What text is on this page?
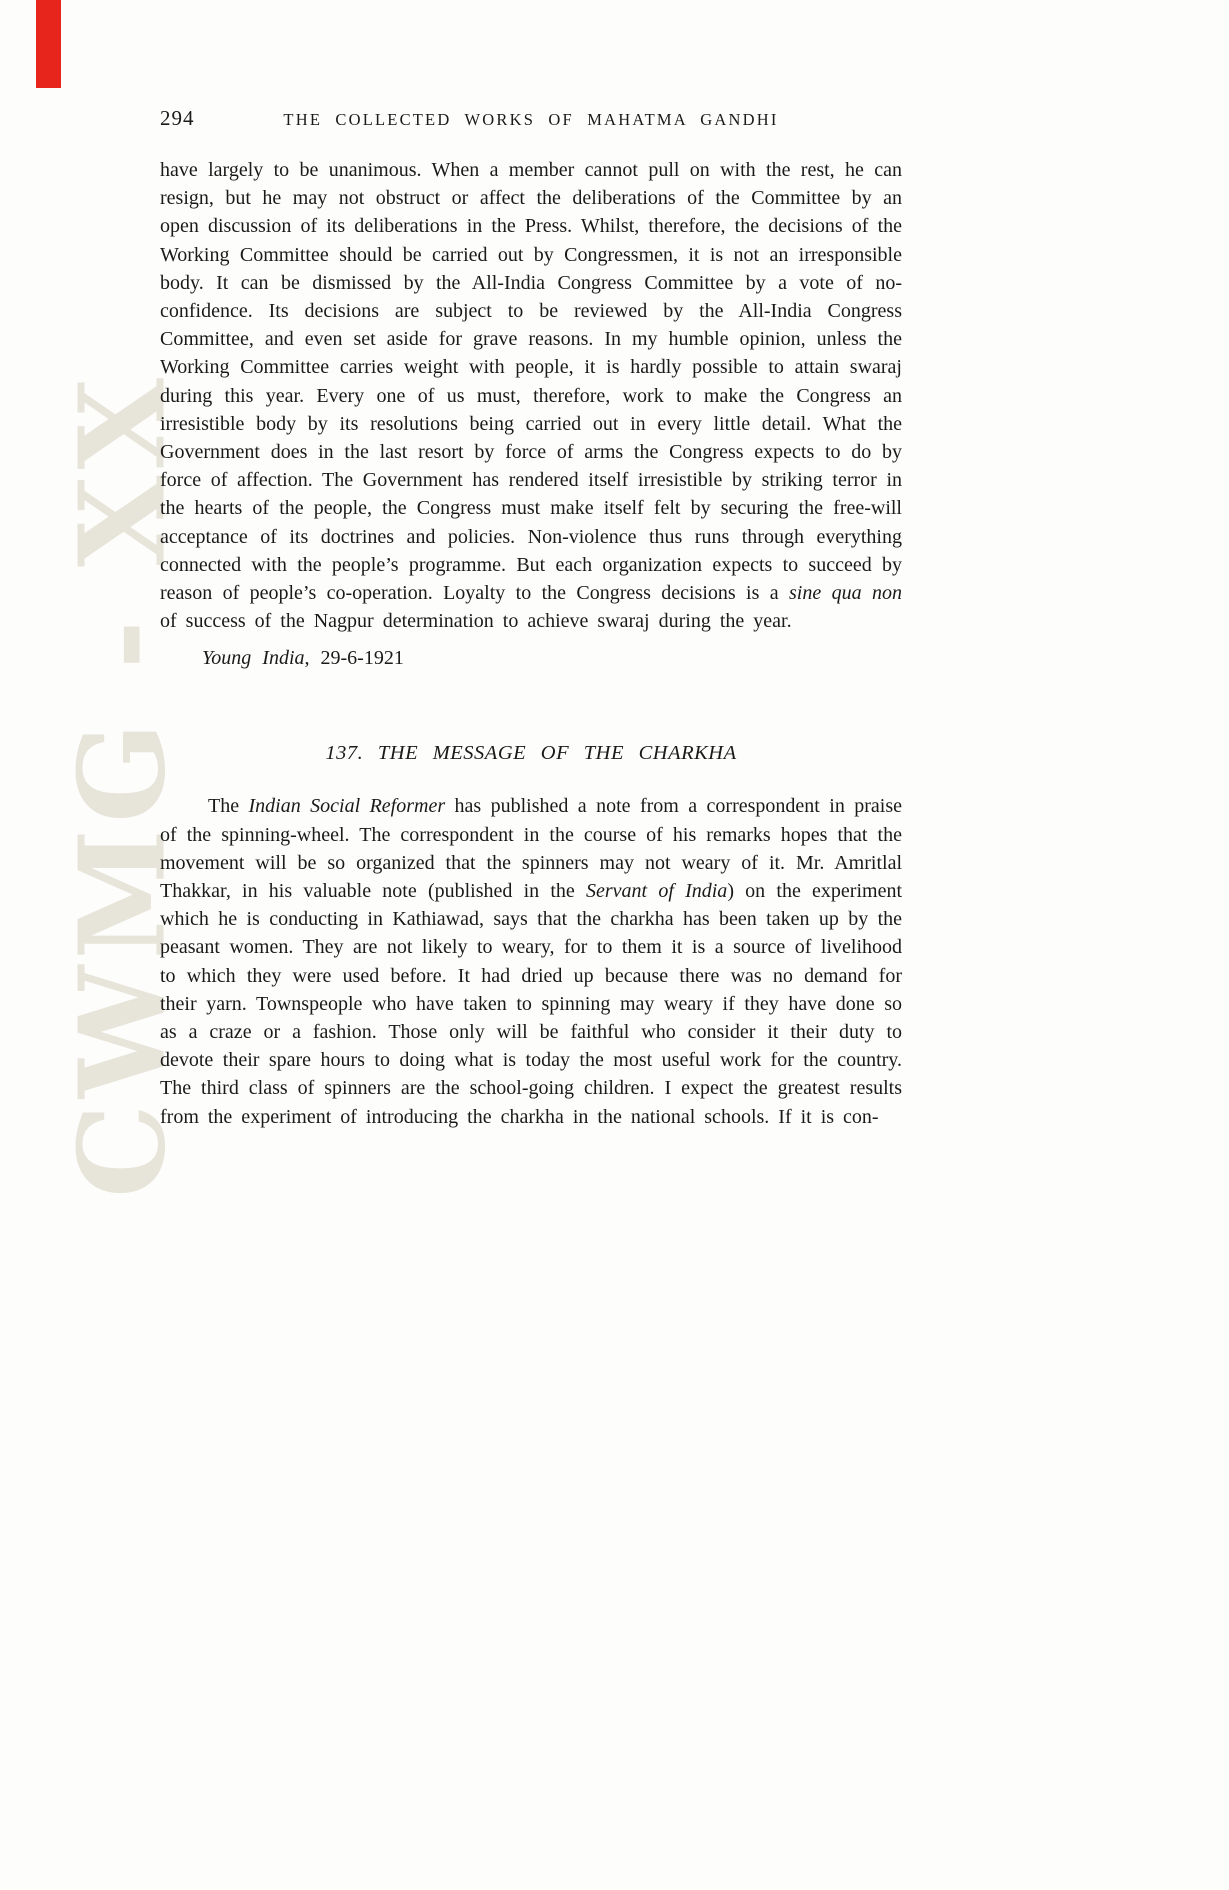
CWMG - XX
294	THE COLLECTED WORKS OF MAHATMA GANDHI

have largely to be unanimous. When a member cannot pull on with the rest, he can resign, but he may not obstruct or affect the deliberations of the Committee by an open discussion of its deliberations in the Press. Whilst, therefore, the decisions of the Working Committee should be carried out by Congressmen, it is not an irresponsible body. It can be dismissed by the All-India Congress Committee by a vote of no-confidence. Its decisions are subject to be reviewed by the All-India Congress Committee, and even set aside for grave reasons. In my humble opinion, unless the Working Committee carries weight with people, it is hardly possible to attain swaraj during this year. Every one of us must, therefore, work to make the Congress an irresistible body by its resolutions being carried out in every little detail. What the Government does in the last resort by force of arms the Congress expects to do by force of affection. The Government has rendered itself irresistible by striking terror in the hearts of the people, the Congress must make itself felt by securing the free-will acceptance of its doctrines and policies. Non-violence thus runs through everything connected with the people’s programme. But each organization expects to succeed by reason of people’s co-operation. Loyalty to the Congress decisions is a sine qua non of success of the Nagpur determination to achieve swaraj during the year.

Young India, 29-6-1921
137. THE MESSAGE OF THE CHARKHA

The Indian Social Reformer has published a note from a correspondent in praise of the spinning-wheel. The correspondent in the course of his remarks hopes that the movement will be so organized that the spinners may not weary of it. Mr. Amritlal Thakkar, in his valuable note (published in the Servant of India) on the experiment which he is conducting in Kathiawad, says that the charkha has been taken up by the peasant women. They are not likely to weary, for to them it is a source of livelihood to which they were used before. It had dried up because there was no demand for their yarn. Townspeople who have taken to spinning may weary if they have done so as a craze or a fashion. Those only will be faithful who consider it their duty to devote their spare hours to doing what is today the most useful work for the country. The third class of spinners are the school-going children. I expect the greatest results from the experiment of introducing the charkha in the national schools. If it is con-
